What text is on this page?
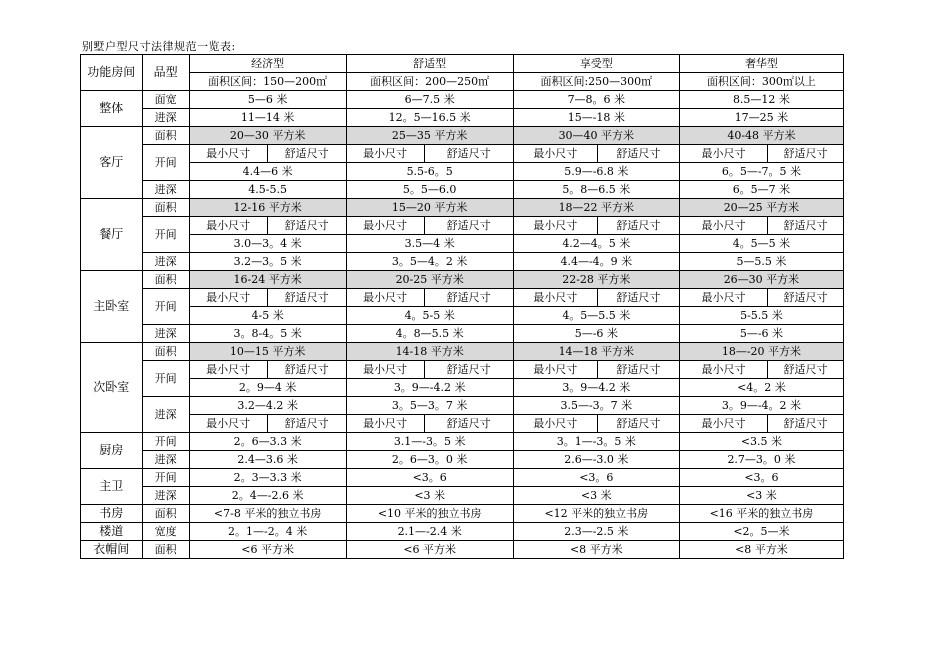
别墅户型尺寸法律规范一览表:
功能房间	品型	经济型		舒适型		享受型		奢华型	
		面积区间：150—200㎡		面积区间：200—250㎡		面积区间:250—300㎡		面积区间：300㎡以上	
整体	面宽	5—6 米		6—7.5 米		7—8。6 米		8.5—12 米	
	进深	11—14 米		12。5—16.5 米		15—-18 米		17—25 米	
客厅	面积	20—30 平方米		25—35 平方米		30—40 平方米		40-48 平方米	
	开间	最小尺寸	舒适尺寸	最小尺寸	舒适尺寸	最小尺寸	舒适尺寸	最小尺寸	舒适尺寸
		4.4—6 米		5.5-6。5		5.9—-6.8 米		6。5—-7。5 米	
	进深	4.5-5.5		5。5—6.0		5。8—6.5 米		6。5—7 米	
餐厅	面积	12-16 平方米		15—20 平方米		18—22 平方米		20—25 平方米	
	开间	最小尺寸	舒适尺寸	最小尺寸	舒适尺寸	最小尺寸	舒适尺寸	最小尺寸	舒适尺寸
		3.0—3。4 米		3.5—4 米		4.2—4。5 米		4。5—5 米	
	进深	3.2—3。5 米		3。5—4。2 米		4.4—-4。9 米		5—5.5 米	
主卧室	面积	16-24 平方米		20-25 平方米		22-28 平方米		26—30 平方米	
	开间	最小尺寸	舒适尺寸	最小尺寸	舒适尺寸	最小尺寸	舒适尺寸	最小尺寸	舒适尺寸
		4-5 米		4。5-5 米		4。5—5.5 米		5-5.5 米	
	进深	3。8-4。5 米		4。8—5.5 米		5—-6 米		5—-6 米	
次卧室	面积	10—15 平方米		14-18 平方米		14—18 平方米		18—-20 平方米	
	开间	最小尺寸	舒适尺寸	最小尺寸	舒适尺寸	最小尺寸	舒适尺寸	最小尺寸	舒适尺寸
		2。9—4 米		3。9—-4.2 米		3。9—4.2 米		<4。2 米	
	进深	3.2—4.2 米		3。5—3。7 米		3.5—-3。7 米		3。9—-4。2 米	
		最小尺寸	舒适尺寸	最小尺寸	舒适尺寸	最小尺寸	舒适尺寸	最小尺寸	舒适尺寸
厨房	开间	2。6—3.3 米		3.1—-3。5 米		3。1—-3。5 米		<3.5 米	
	进深	2.4—3.6 米		2。6—3。0 米		2.6—-3.0 米		2.7—3。0 米	
主卫	开间	2。3—3.3 米		<3。6		<3。6		<3。6	
	进深	2。4—-2.6 米		<3 米		<3 米		<3 米	
书房	面积	<7-8 平米的独立书房		<10 平米的独立书房		<12 平米的独立书房		<16 平米的独立书房	
楼道	宽度	2。1—-2。4 米		2.1—-2.4 米		2.3—-2.5 米		<2。5—米	
衣帽间	面积	<6 平方米		<6 平方米		<8 平方米		<8 平方米	
